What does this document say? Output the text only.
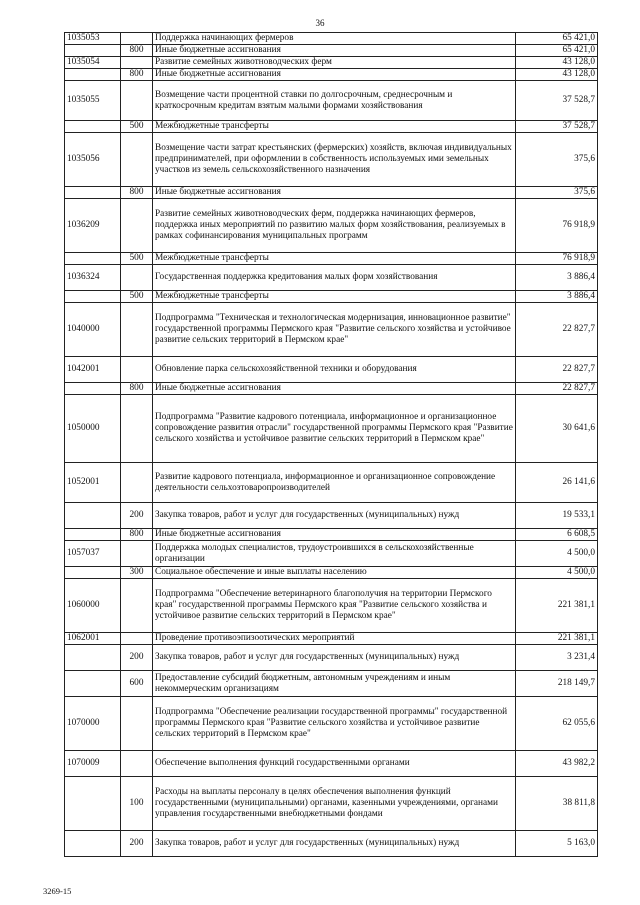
36
1035053		Поддержка начинающих фермеров	65 421,0
	800	Иные бюджетные ассигнования	65 421,0
1035054		Развитие семейных животноводческих ферм	43 128,0
	800	Иные бюджетные ассигнования	43 128,0
1035055		Возмещение части процентной ставки по долгосрочным, среднесрочным и краткосрочным кредитам взятым малыми формами хозяйствования	37 528,7
	500	Межбюджетные трансферты	37 528,7
1035056		Возмещение части затрат крестьянских (фермерских) хозяйств, включая индивидуальных предпринимателей, при оформлении в собственность используемых ими земельных участков из земель сельскохозяйственного назначения	375,6
	800	Иные бюджетные ассигнования	375,6
1036209		Развитие семейных животноводческих ферм, поддержка начинающих фермеров, поддержка иных мероприятий по развитию малых форм хозяйствования, реализуемых в рамках софинансирования муниципальных программ	76 918,9
	500	Межбюджетные трансферты	76 918,9
1036324		Государственная поддержка кредитования малых форм хозяйствования	3 886,4
	500	Межбюджетные трансферты	3 886,4
1040000		Подпрограмма "Техническая и технологическая модернизация, инновационное развитие" государственной программы Пермского края "Развитие сельского хозяйства и устойчивое развитие сельских территорий в Пермском крае"	22 827,7
1042001		Обновление парка сельскохозяйственной техники и оборудования	22 827,7
	800	Иные бюджетные ассигнования	22 827,7
1050000		Подпрограмма "Развитие кадрового потенциала, информационное и организационное сопровождение развития отрасли" государственной программы Пермского края "Развитие сельского хозяйства и устойчивое развитие сельских территорий в Пермском крае"	30 641,6
1052001		Развитие кадрового потенциала, информационное и организационное сопровождение деятельности сельхозтоваропроизводителей	26 141,6
	200	Закупка товаров, работ и услуг для государственных (муниципальных) нужд	19 533,1
	800	Иные бюджетные ассигнования	6 608,5
1057037		Поддержка молодых специалистов, трудоустроившихся в сельскохозяйственные организации	4 500,0
	300	Социальное обеспечение и иные выплаты населению	4 500,0
1060000		Подпрограмма "Обеспечение ветеринарного благополучия на территории Пермского края" государственной программы Пермского края "Развитие сельского хозяйства и устойчивое развитие сельских территорий в Пермском крае"	221 381,1
1062001		Проведение противоэпизоотических мероприятий	221 381,1
	200	Закупка товаров, работ и услуг для государственных (муниципальных) нужд	3 231,4
	600	Предоставление субсидий бюджетным, автономным учреждениям и иным некоммерческим организациям	218 149,7
1070000		Подпрограмма "Обеспечение реализации государственной программы" государственной программы Пермского края "Развитие сельского хозяйства и устойчивое развитие сельских территорий в Пермском крае"	62 055,6
1070009		Обеспечение выполнения функций государственными органами	43 982,2
	100	Расходы на выплаты персоналу в целях обеспечения выполнения функций государственными (муниципальными) органами, казенными учреждениями, органами управления государственными внебюджетными фондами	38 811,8
	200	Закупка товаров, работ и услуг для государственных (муниципальных) нужд	5 163,0
3269-15
